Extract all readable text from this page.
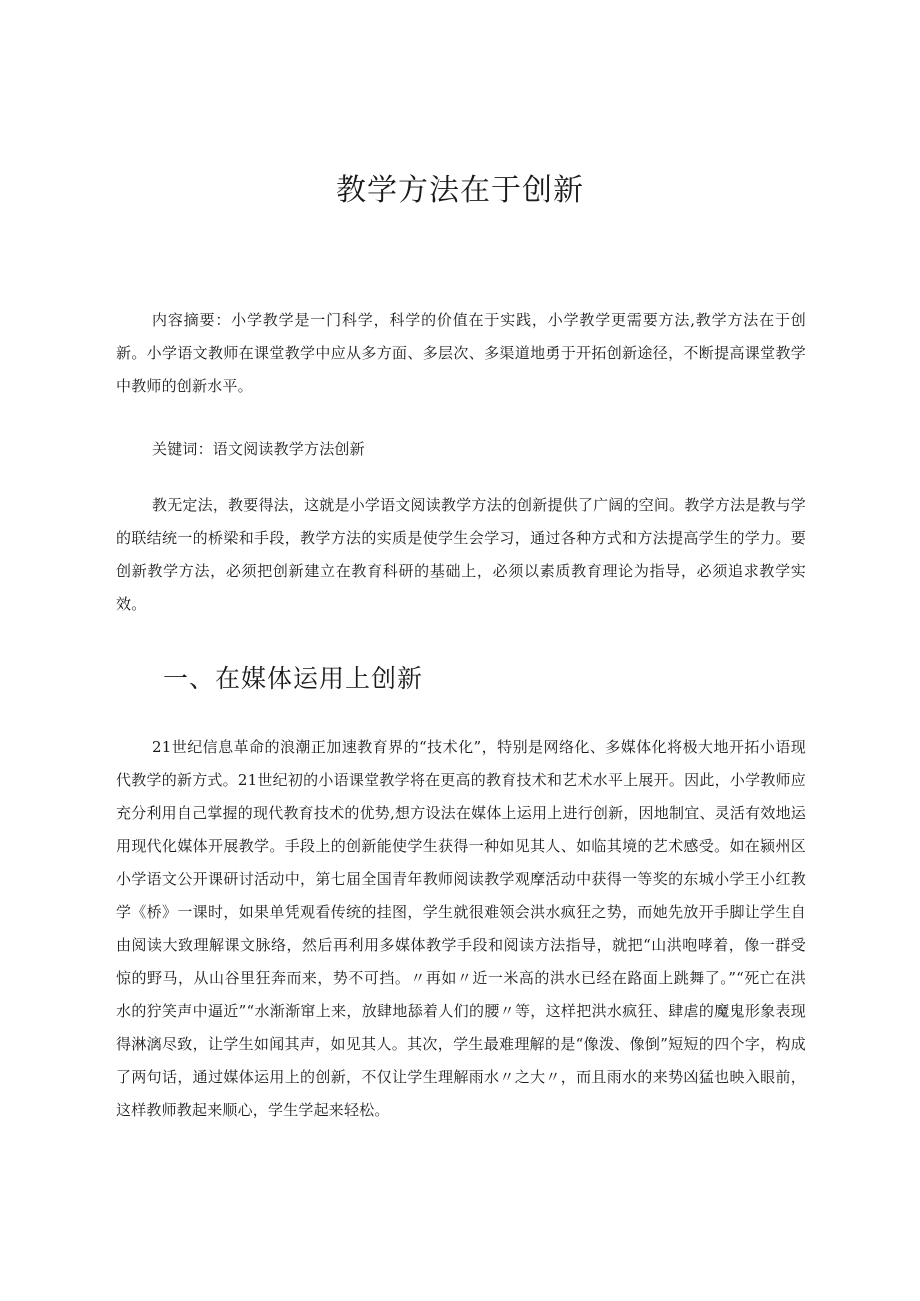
教学方法在于创新

内容摘要：小学教学是一门科学，科学的价值在于实践，小学教学更需要方法,教学方法在于创新。小学语文教师在课堂教学中应从多方面、多层次、多渠道地勇于开拓创新途径，不断提高课堂教学中教师的创新水平。

关键词：语文阅读教学方法创新

教无定法，教要得法，这就是小学语文阅读教学方法的创新提供了广阔的空间。教学方法是教与学的联结统一的桥梁和手段，教学方法的实质是使学生会学习，通过各种方式和方法提高学生的学力。要创新教学方法，必须把创新建立在教育科研的基础上，必须以素质教育理论为指导，必须追求教学实效。

一、在媒体运用上创新

21世纪信息革命的浪潮正加速教育界的“技术化”，特别是网络化、多媒体化将极大地开拓小语现代教学的新方式。21世纪初的小语课堂教学将在更高的教育技术和艺术水平上展开。因此，小学教师应充分利用自己掌握的现代教育技术的优势,想方设法在媒体上运用上进行创新，因地制宜、灵活有效地运用现代化媒体开展教学。手段上的创新能使学生获得一种如见其人、如临其境的艺术感受。如在颍州区小学语文公开课研讨活动中，第七届全国青年教师阅读教学观摩活动中获得一等奖的东城小学王小红教学《桥》一课时，如果单凭观看传统的挂图，学生就很难领会洪水疯狂之势，而她先放开手脚让学生自由阅读大致理解课文脉络，然后再利用多媒体教学手段和阅读方法指导，就把“山洪咆哮着，像一群受惊的野马，从山谷里狂奔而来，势不可挡。〃再如〃近一米高的洪水已经在路面上跳舞了。”“死亡在洪水的狞笑声中逼近”“水渐渐窜上来，放肆地舔着人们的腰〃等，这样把洪水疯狂、肆虐的魔鬼形象表现得淋漓尽致，让学生如闻其声，如见其人。其次，学生最难理解的是“像泼、像倒”短短的四个字，构成了两句话，通过媒体运用上的创新，不仅让学生理解雨水〃之大〃，而且雨水的来势凶猛也映入眼前，这样教师教起来顺心，学生学起来轻松。
